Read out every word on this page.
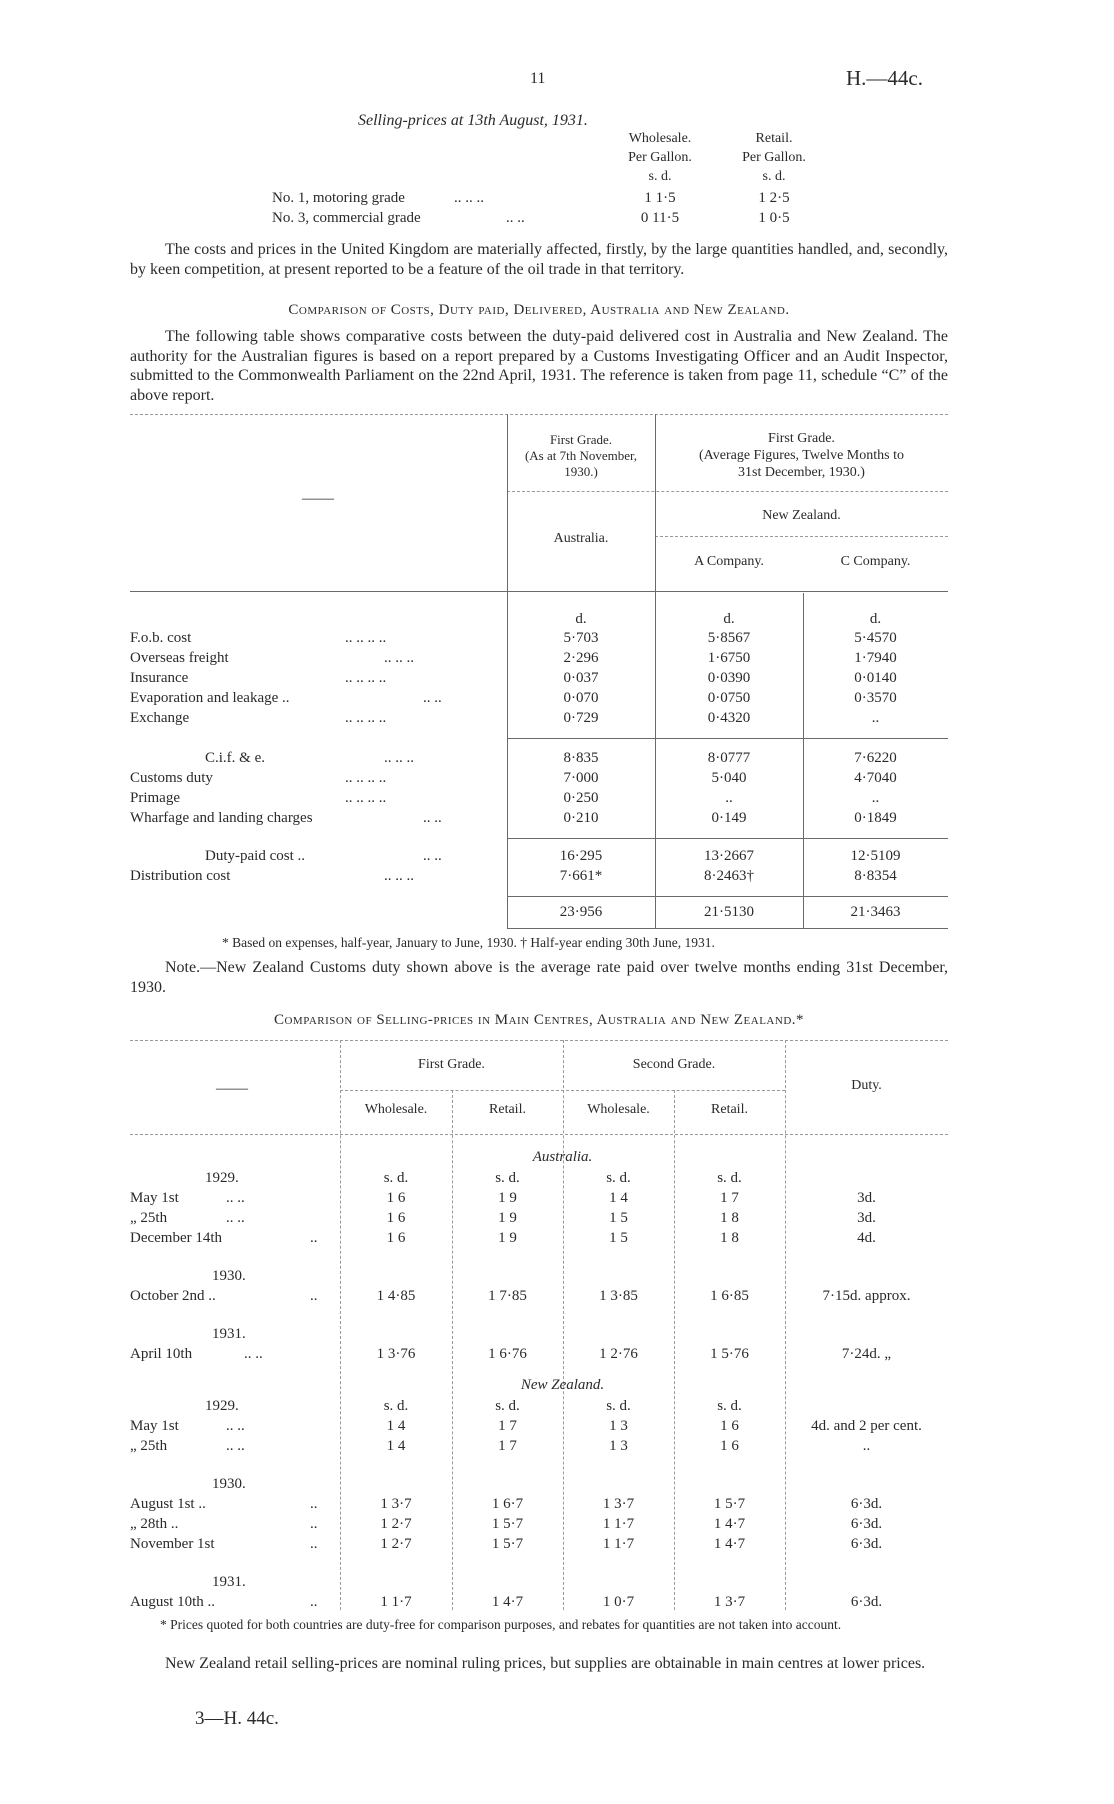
11	H.—44c.
Selling-prices at 13th August, 1931.
Wholesale.
Per Gallon.
s. d.
Retail.
Per Gallon.
s. d.
No. 1, motoring grade	.. .. ..	1 1·5	1 2·5
No. 3, commercial grade	.. ..	0 11·5	1 0·5
The costs and prices in the United Kingdom are materially affected, firstly, by the large quantities handled, and, secondly, by keen competition, at present reported to be a feature of the oil trade in that territory.
Comparison of Costs, Duty paid, Delivered, Australia and New Zealand.
The following table shows comparative costs between the duty-paid delivered cost in Australia and New Zealand. The authority for the Australian figures is based on a report prepared by a Customs Investigating Officer and an Audit Inspector, submitted to the Commonwealth Parliament on the 22nd April, 1931. The reference is taken from page 11, schedule “C” of the above report.
——
First Grade.
(As at 7th November,
1930.)
First Grade.
(Average Figures, Twelve Months to
31st December, 1930.)
New Zealand.
Australia.
A Company.	C Company.
d.	d.	d.
F.o.b. cost	.. .. .. ..	5·703	5·8567	5·4570
Overseas freight	.. .. ..	2·296	1·6750	1·7940
Insurance	.. .. .. ..	0·037	0·0390	0·0140
Evaporation and leakage ..	.. ..	0·070	0·0750	0·3570
Exchange	.. .. .. ..	0·729	0·4320	..
C.i.f. & e.	.. .. ..	8·835	8·0777	7·6220
Customs duty	.. .. .. ..	7·000	5·040	4·7040
Primage	.. .. .. ..	0·250	..	..
Wharfage and landing charges	.. ..	0·210	0·149	0·1849
Duty-paid cost ..	.. ..	16·295	13·2667	12·5109
Distribution cost	.. .. ..	7·661*	8·2463†	8·8354
23·956	21·5130	21·3463
* Based on expenses, half-year, January to June, 1930. † Half-year ending 30th June, 1931.
Note.—New Zealand Customs duty shown above is the average rate paid over twelve months ending 31st December, 1930.
Comparison of Selling-prices in Main Centres, Australia and New Zealand.*
——
First Grade.	Second Grade.
Duty.
Wholesale.	Retail.	Wholesale.	Retail.
Australia.
1929.	s. d.	s. d.	s. d.	s. d.
May 1st	.. ..	1 6	1 9	1 4	1 7	3d.
„ 25th	.. ..	1 6	1 9	1 5	1 8	3d.
December 14th	..	1 6	1 9	1 5	1 8	4d.
1930.
October 2nd ..	..	1 4·85	1 7·85	1 3·85	1 6·85	7·15d. approx.
1931.
April 10th	.. ..	1 3·76	1 6·76	1 2·76	1 5·76	7·24d. „
New Zealand.
1929.	s. d.	s. d.	s. d.	s. d.
May 1st	.. ..	1 4	1 7	1 3	1 6	4d. and 2 per cent.
„ 25th	.. ..	1 4	1 7	1 3	1 6	..
1930.
August 1st ..	..	1 3·7	1 6·7	1 3·7	1 5·7	6·3d.
„ 28th ..	..	1 2·7	1 5·7	1 1·7	1 4·7	6·3d.
November 1st	..	1 2·7	1 5·7	1 1·7	1 4·7	6·3d.
1931.
August 10th ..	..	1 1·7	1 4·7	1 0·7	1 3·7	6·3d.
* Prices quoted for both countries are duty-free for comparison purposes, and rebates for quantities are not taken into account.
New Zealand retail selling-prices are nominal ruling prices, but supplies are obtainable in main centres at lower prices.
3—H. 44c.
